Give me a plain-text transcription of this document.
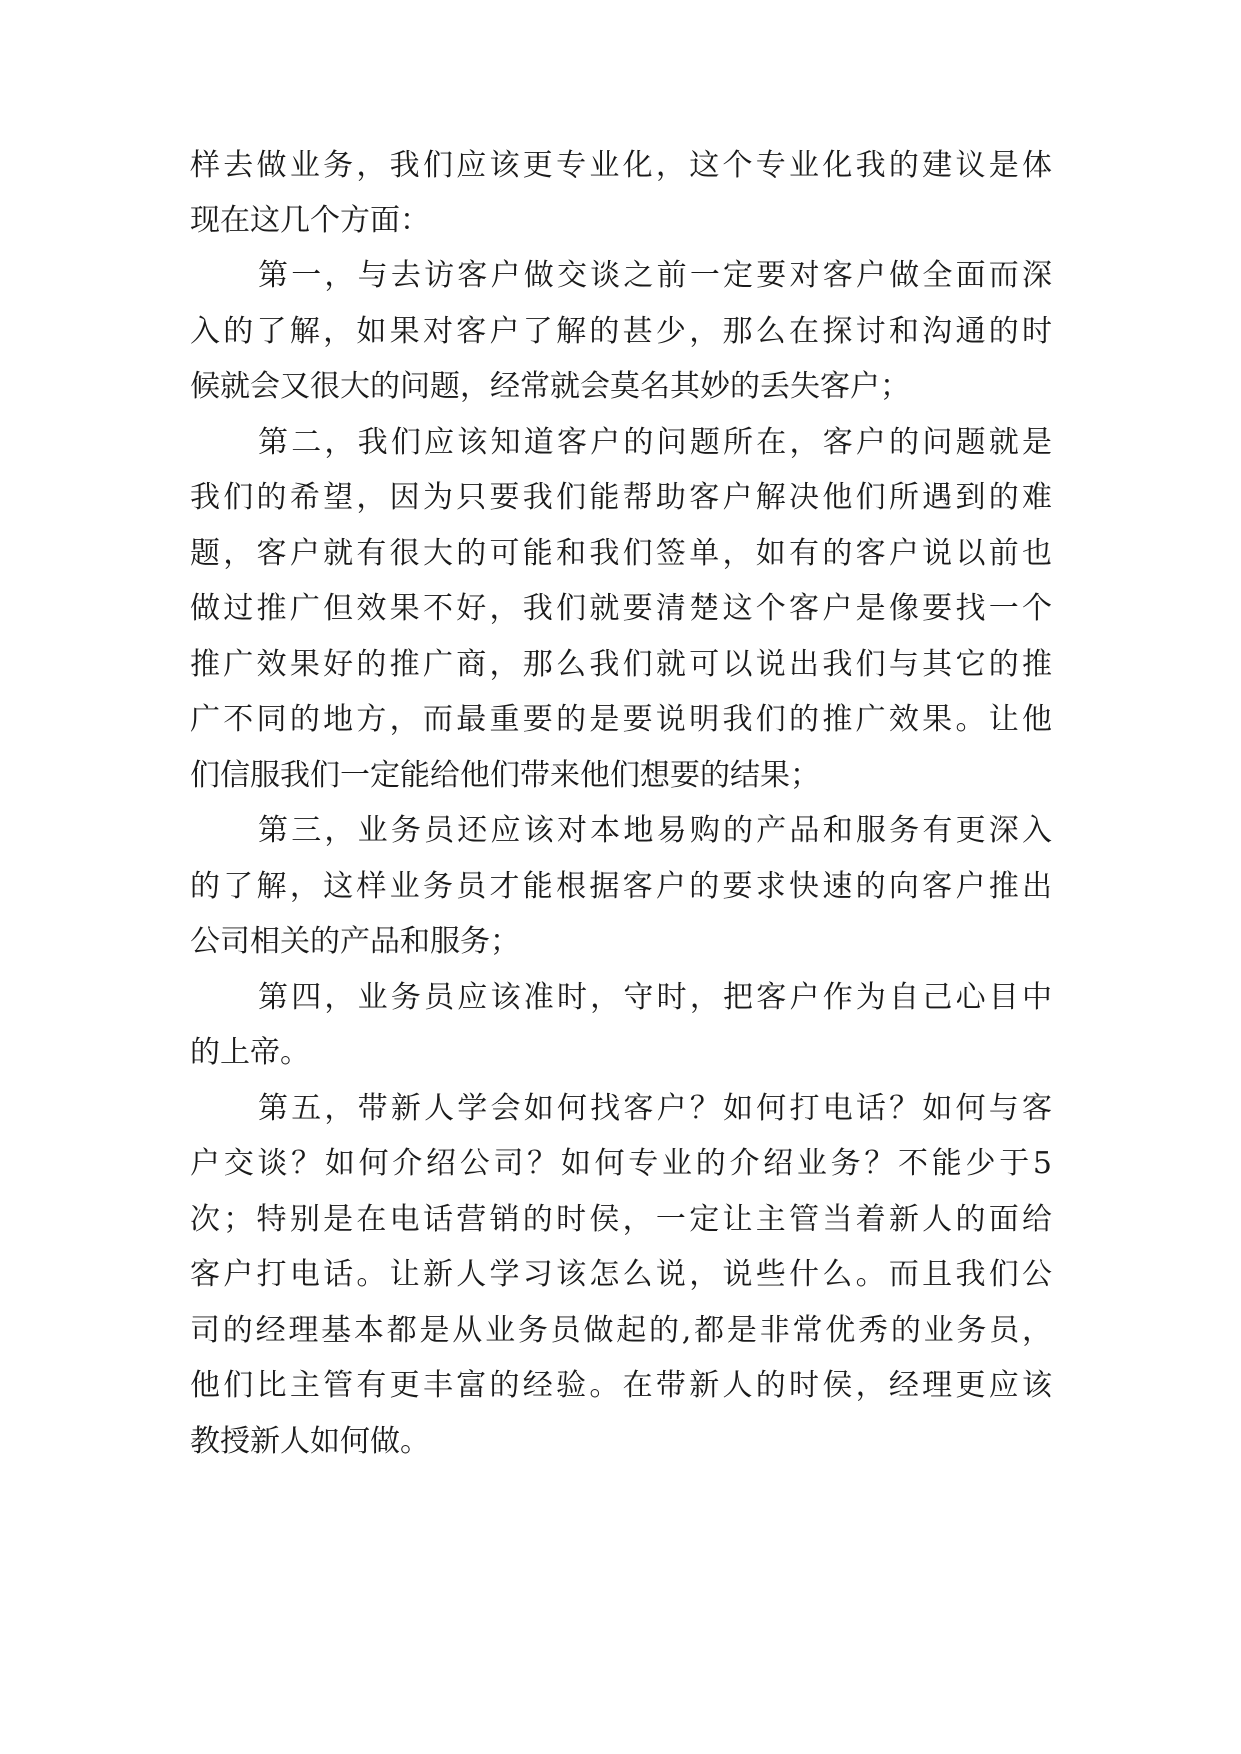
样去做业务，我们应该更专业化，这个专业化我的建议是体
现在这几个方面：
第一，与去访客户做交谈之前一定要对客户做全面而深
入的了解，如果对客户了解的甚少，那么在探讨和沟通的时
候就会又很大的问题，经常就会莫名其妙的丢失客户；
第二，我们应该知道客户的问题所在，客户的问题就是
我们的希望，因为只要我们能帮助客户解决他们所遇到的难
题，客户就有很大的可能和我们签单，如有的客户说以前也
做过推广但效果不好，我们就要清楚这个客户是像要找一个
推广效果好的推广商，那么我们就可以说出我们与其它的推
广不同的地方，而最重要的是要说明我们的推广效果。让他
们信服我们一定能给他们带来他们想要的结果；
第三，业务员还应该对本地易购的产品和服务有更深入
的了解，这样业务员才能根据客户的要求快速的向客户推出
公司相关的产品和服务；
第四，业务员应该准时，守时，把客户作为自己心目中
的上帝。
第五，带新人学会如何找客户？如何打电话？如何与客
户交谈？如何介绍公司？如何专业的介绍业务？不能少于5
次；特别是在电话营销的时侯，一定让主管当着新人的面给
客户打电话。让新人学习该怎么说，说些什么。而且我们公
司的经理基本都是从业务员做起的,都是非常优秀的业务员，
他们比主管有更丰富的经验。在带新人的时侯，经理更应该
教授新人如何做。
